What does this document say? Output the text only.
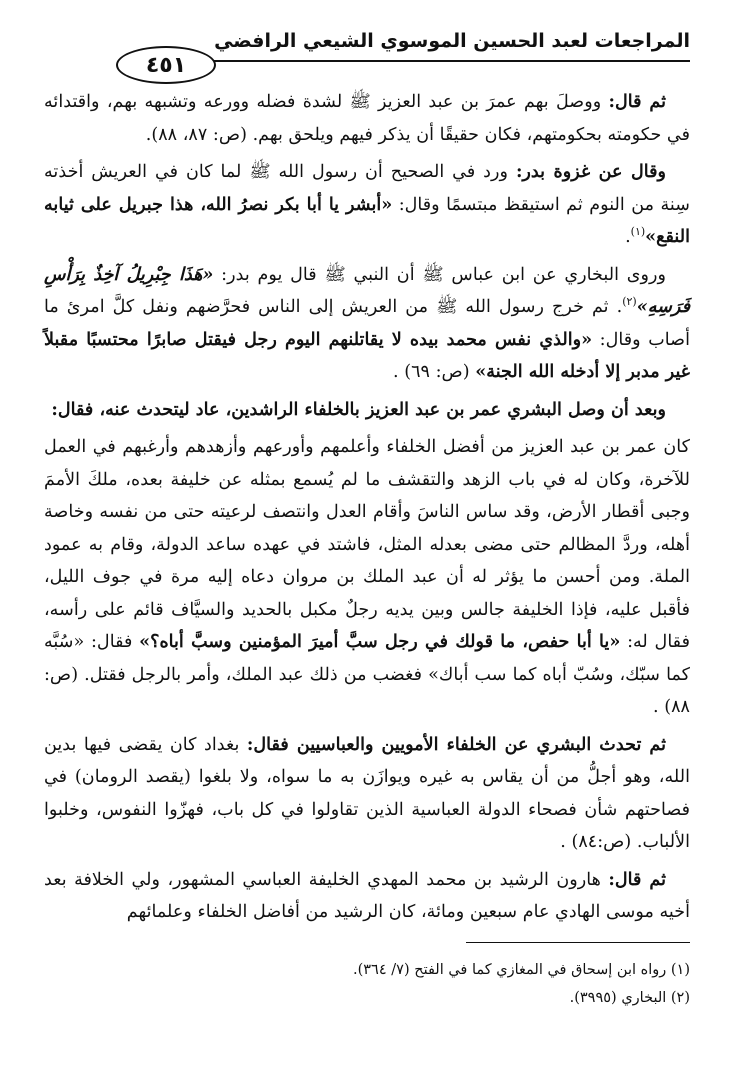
المراجعات لعبد الحسين الموسوي الشيعي الرافضي
٤٥١

ثم قال: ووصلَ بهم عمرَ بن عبد العزيز ﷺ لشدة فضله وورعه وتشبهه بهم، واقتدائه في حكومته بحكومتهم، فكان حقيقًا أن يذكر فيهم ويلحق بهم. (ص: ٨٧، ٨٨).

وقال عن غزوة بدر: ورد في الصحيح أن رسول الله ﷺ لما كان في العريش أخذته سِنة من النوم ثم استيقظ مبتسمًا وقال: «أبشر يا أبا بكر نصرُ الله، هذا جبريل على ثيابه النقع»$^{(١)}$.

وروى البخاري عن ابن عباس ﷺ أن النبي ﷺ قال يوم بدر: «هَذَا جِبْرِيلُ آخِذٌ بِرَأْسِ فَرَسِهِ»$^{(٢)}$. ثم خرج رسول الله ﷺ من العريش إلى الناس فحرَّضهم ونفل كلَّ امرئ ما أصاب وقال: «والذي نفس محمد بيده لا يقاتلنهم اليوم رجل فيقتل صابرًا محتسبًا مقبلاً غير مدبر إلا أدخله الله الجنة» (ص: ٦٩) .

وبعد أن وصل البشري عمر بن عبد العزيز بالخلفاء الراشدين، عاد ليتحدث عنه، فقال:

كان عمر بن عبد العزيز من أفضل الخلفاء وأعلمهم وأورعهم وأزهدهم وأرغبهم في العمل للآخرة، وكان له في باب الزهد والتقشف ما لم يُسمع بمثله عن خليفة بعده، ملكَ الأممَ وجبى أقطار الأرض، وقد ساس الناسَ وأقام العدل وانتصف لرعيته حتى من نفسه وخاصة أهله، وردَّ المظالم حتى مضى بعدله المثل، فاشتد في عهده ساعد الدولة، وقام به عمود الملة. ومن أحسن ما يؤثر له أن عبد الملك بن مروان دعاه إليه مرة في جوف الليل، فأقبل عليه، فإذا الخليفة جالس وبين يديه رجلٌ مكبل بالحديد والسيَّاف قائم على رأسه، فقال له: «يا أبا حفص، ما قولك في رجل سبَّ أميرَ المؤمنين وسبَّ أباه؟» فقال: «سُبَّه كما سبّك، وسُبّ أباه كما سب أباك» فغضب من ذلك عبد الملك، وأمر بالرجل فقتل. (ص: ٨٨) .

ثم تحدث البشري عن الخلفاء الأمويين والعباسيين فقال: بغداد كان يقضى فيها بدين الله، وهو أجلُّ من أن يقاس به غيره ويوازَن به ما سواه، ولا بلغوا (يقصد الرومان) في فصاحتهم شأن فصحاء الدولة العباسية الذين تقاولوا في كل باب، فهزّوا النفوس، وخلبوا الألباب. (ص:٨٤) .

ثم قال: هارون الرشيد بن محمد المهدي الخليفة العباسي المشهور، ولي الخلافة بعد أخيه موسى الهادي عام سبعين ومائة، كان الرشيد من أفاضل الخلفاء وعلمائهم

(١) رواه ابن إسحاق في المغازي كما في الفتح (٧/ ٣٦٤).

(٢) البخاري (٣٩٩٥).
